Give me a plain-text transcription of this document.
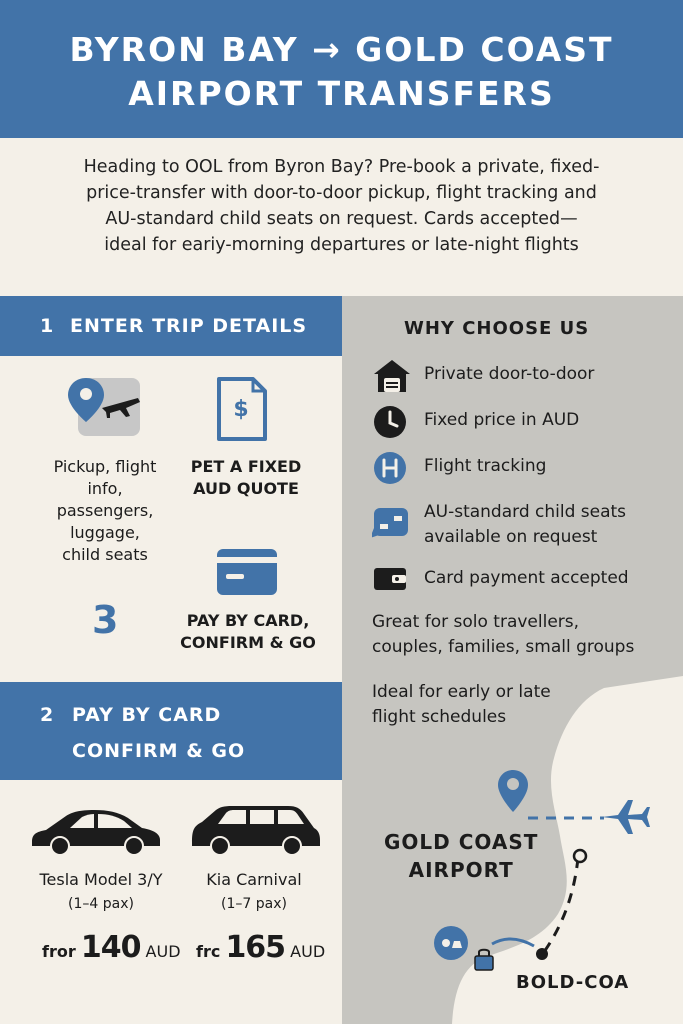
BYRON BAY → GOLD COAST
AIRPORT TRANSFERS
Heading to OOL from Byron Bay? Pre-book a private, fixed-
price-transfer with door-to-door pickup, flight tracking and
AU-standard child seats on request. Cards accepted—
ideal for eariy-morning departures or late-night flights
1 ENTER TRIP DETAILS
Pickup, flight
info,
passengers,
luggage,
child seats
$
PET A FIXED
AUD QUOTE
3	PAY BY CARD,
CONFIRM & GO
2 PAY BY CARD
CONFIRM & GO
Tesla Model 3/Y
(1–4 pax)
fror 140 AUD
Kia Carnival
(1–7 pax)
frc 165 AUD
WHY CHOOSE US
Private door-to-door
Fixed price in AUD
Flight tracking
AU-standard child seats
available on request
Card payment accepted
Great for solo travellers,
couples, families, small groups
Ideal for early or late
flight schedules
GOLD COAST
AIRPORT
BOLD-COA
